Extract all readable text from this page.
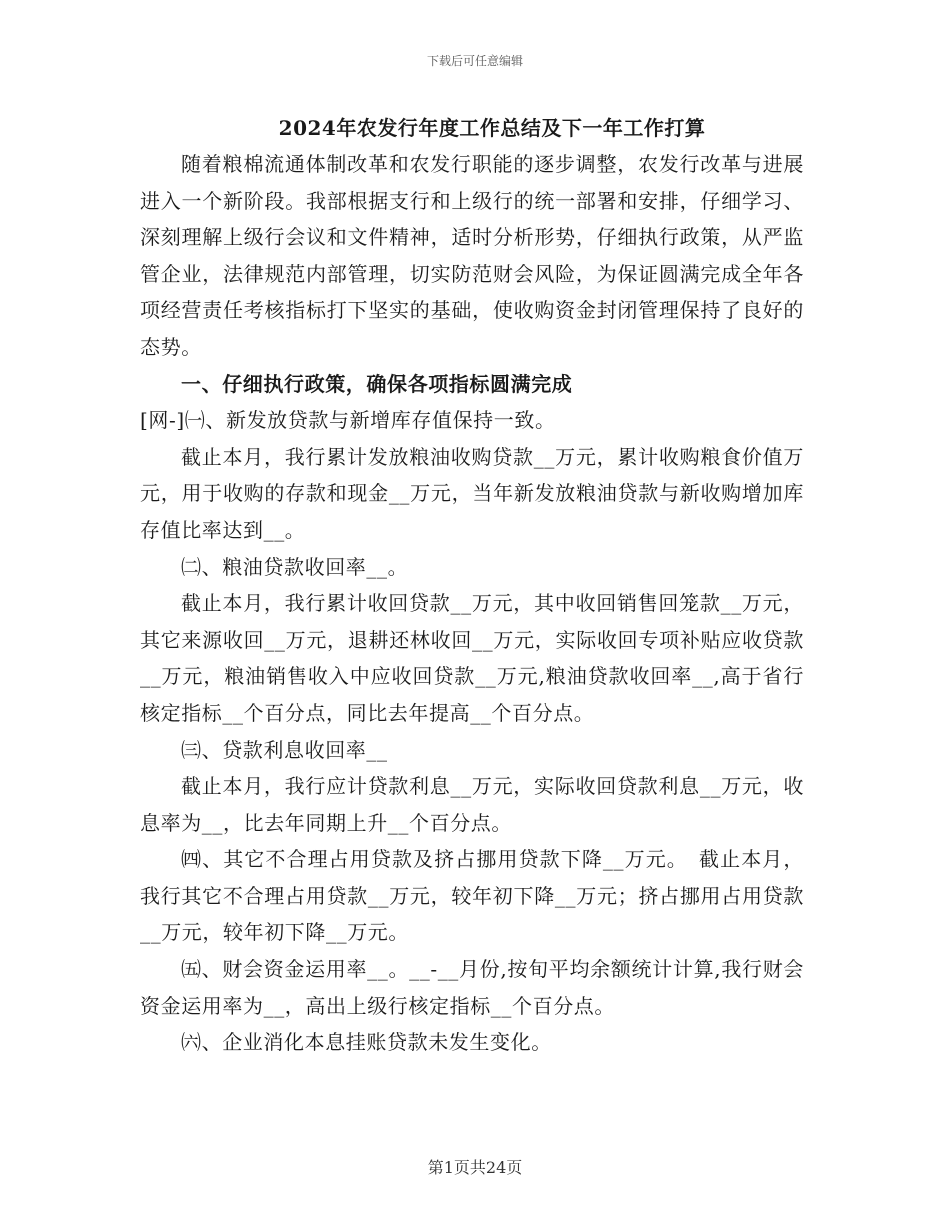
下载后可任意编辑
2024年农发行年度工作总结及下一年工作打算

随着粮棉流通体制改革和农发行职能的逐步调整，农发行改革与进展进入一个新阶段。我部根据支行和上级行的统一部署和安排，仔细学习、深刻理解上级行会议和文件精神，适时分析形势，仔细执行政策，从严监管企业，法律规范内部管理，切实防范财会风险，为保证圆满完成全年各项经营责任考核指标打下坚实的基础，使收购资金封闭管理保持了良好的态势。

一、仔细执行政策，确保各项指标圆满完成

[网-]㈠、新发放贷款与新增库存值保持一致。

截止本月，我行累计发放粮油收购贷款__万元，累计收购粮食价值万元，用于收购的存款和现金__万元，当年新发放粮油贷款与新收购增加库存值比率达到__。

㈡、粮油贷款收回率__。

截止本月，我行累计收回贷款__万元，其中收回销售回笼款__万元，其它来源收回__万元，退耕还林收回__万元，实际收回专项补贴应收贷款__万元，粮油销售收入中应收回贷款__万元,粮油贷款收回率__,高于省行核定指标__个百分点，同比去年提高__个百分点。

㈢、贷款利息收回率__

截止本月，我行应计贷款利息__万元，实际收回贷款利息__万元，收息率为__，比去年同期上升__个百分点。

㈣、其它不合理占用贷款及挤占挪用贷款下降__万元。　截止本月，我行其它不合理占用贷款__万元，较年初下降__万元；挤占挪用占用贷款__万元，较年初下降__万元。

㈤、财会资金运用率__。__-__月份,按旬平均余额统计计算,我行财会资金运用率为__，高出上级行核定指标__个百分点。

㈥、企业消化本息挂账贷款未发生变化。

第1页共24页
